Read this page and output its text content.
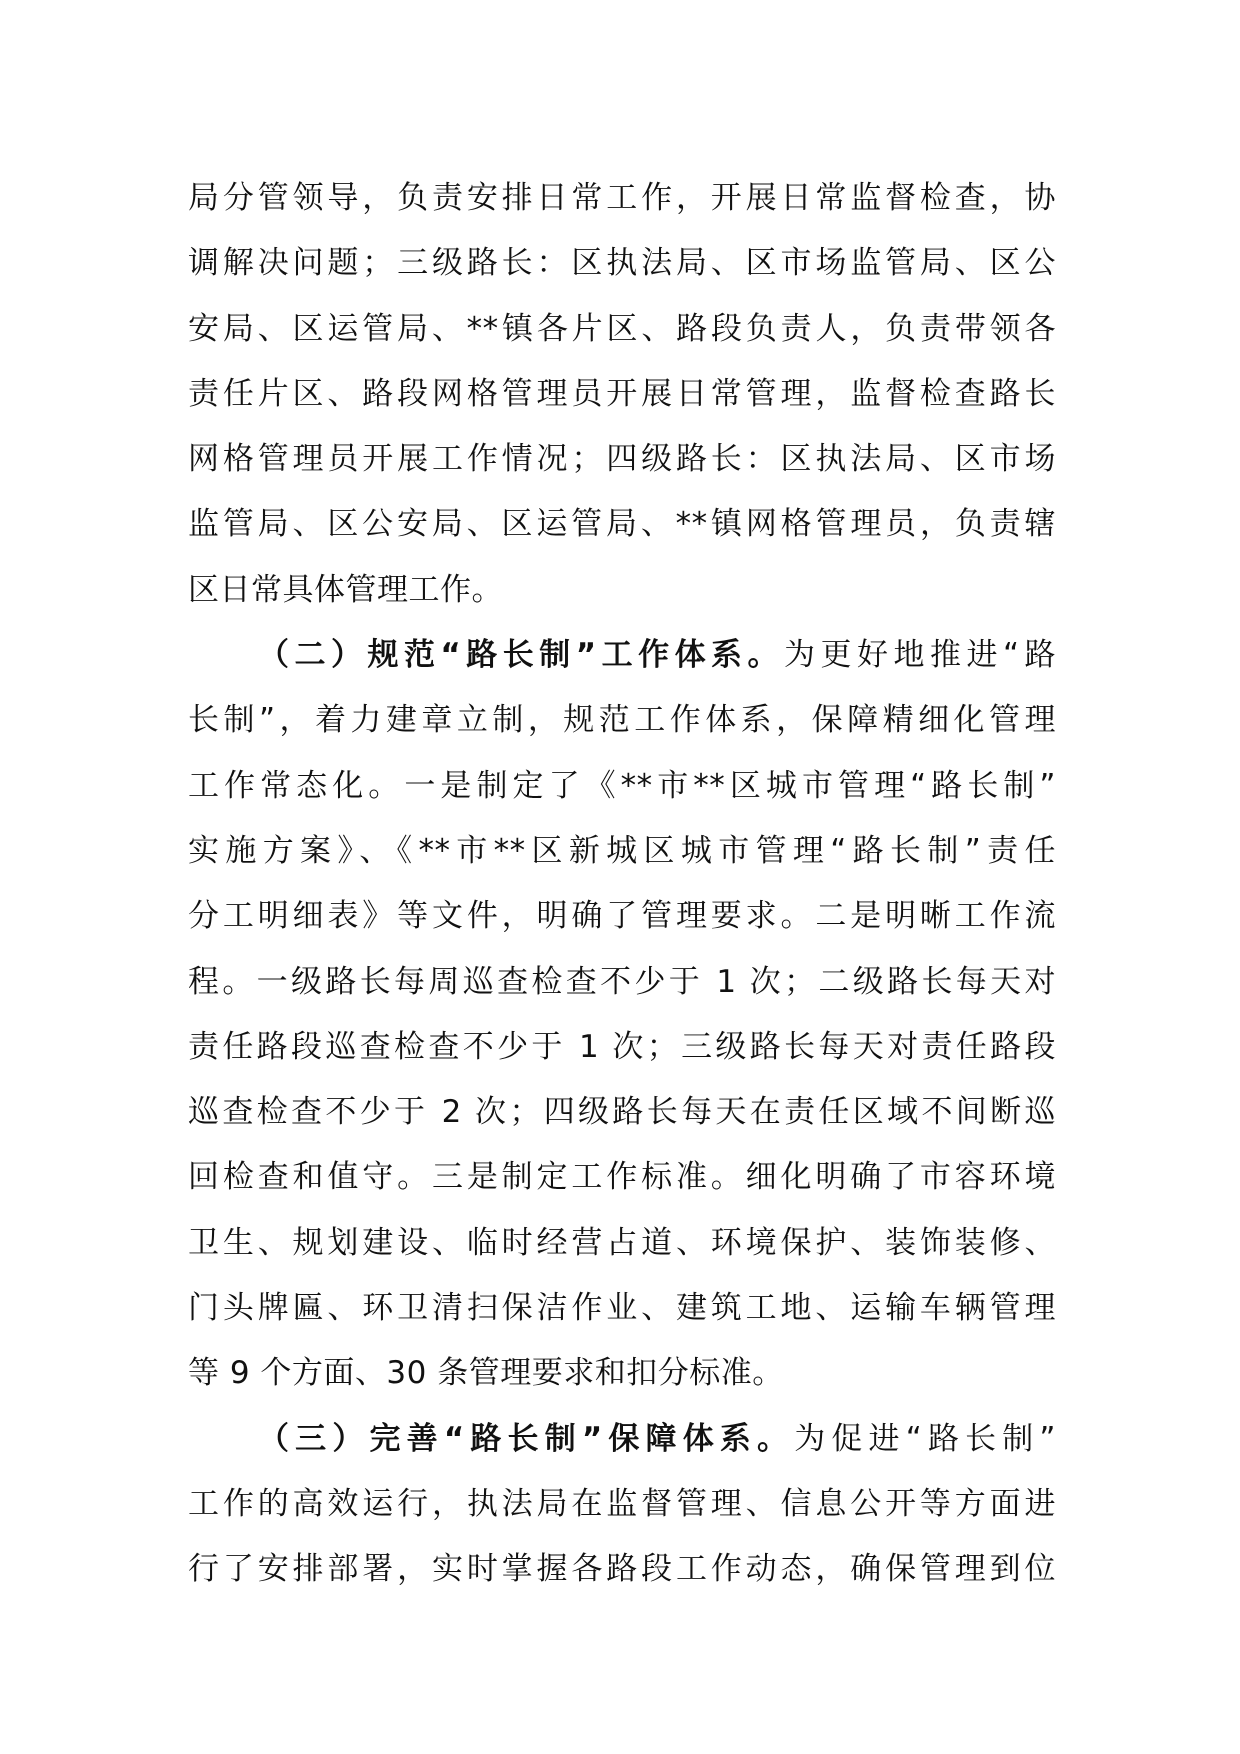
局分管领导，负责安排日常工作，开展日常监督检查，协
调解决问题；三级路长：区执法局、区市场监管局、区公
安局、区运管局、**镇各片区、路段负责人，负责带领各
责任片区、路段网格管理员开展日常管理，监督检查路长
网格管理员开展工作情况；四级路长：区执法局、区市场
监管局、区公安局、区运管局、**镇网格管理员，负责辖
区日常具体管理工作。
（二）规范“路长制”工作体系。为更好地推进“路
长制”，着力建章立制，规范工作体系，保障精细化管理
工作常态化。一是制定了《**市**区城市管理“路长制”
实施方案》、《**市**区新城区城市管理“路长制”责任
分工明细表》等文件，明确了管理要求。二是明晰工作流
程。一级路长每周巡查检查不少于 1 次；二级路长每天对
责任路段巡查检查不少于 1 次；三级路长每天对责任路段
巡查检查不少于 2 次；四级路长每天在责任区域不间断巡
回检查和值守。三是制定工作标准。细化明确了市容环境
卫生、规划建设、临时经营占道、环境保护、装饰装修、
门头牌匾、环卫清扫保洁作业、建筑工地、运输车辆管理
等 9 个方面、30 条管理要求和扣分标准。
（三）完善“路长制”保障体系。为促进“路长制”
工作的高效运行，执法局在监督管理、信息公开等方面进
行了安排部署，实时掌握各路段工作动态，确保管理到位
